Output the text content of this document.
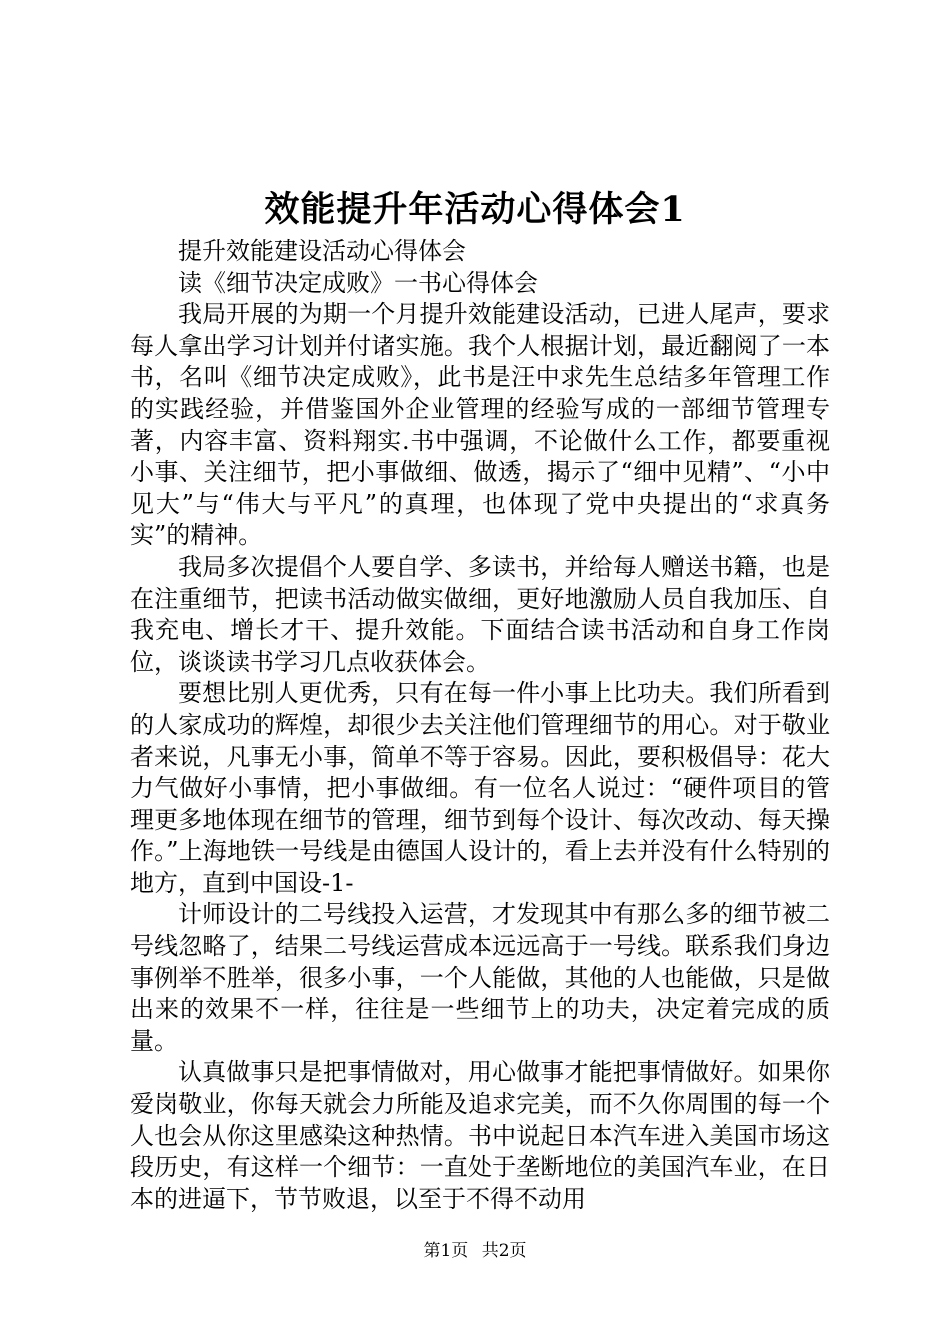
效能提升年活动心得体会1

提升效能建设活动心得体会

读《细节决定成败》一书心得体会

我局开展的为期一个月提升效能建设活动，已进人尾声，要求每人拿出学习计划并付诸实施。我个人根据计划，最近翻阅了一本书，名叫《细节决定成败》，此书是汪中求先生总结多年管理工作的实践经验，并借鉴国外企业管理的经验写成的一部细节管理专著，内容丰富、资料翔实.书中强调，不论做什么工作，都要重视小事、关注细节，把小事做细、做透，揭示了“细中见精”、“小中见大”与“伟大与平凡”的真理，也体现了党中央提出的“求真务实”的精神。

我局多次提倡个人要自学、多读书，并给每人赠送书籍，也是在注重细节，把读书活动做实做细，更好地激励人员自我加压、自我充电、增长才干、提升效能。下面结合读书活动和自身工作岗位，谈谈读书学习几点收获体会。

要想比别人更优秀，只有在每一件小事上比功夫。我们所看到的人家成功的辉煌，却很少去关注他们管理细节的用心。对于敬业者来说，凡事无小事，简单不等于容易。因此，要积极倡导：花大力气做好小事情，把小事做细。有一位名人说过：“硬件项目的管理更多地体现在细节的管理，细节到每个设计、每次改动、每天操作。”上海地铁一号线是由德国人设计的，看上去并没有什么特别的地方，直到中国设-1-

计师设计的二号线投入运营，才发现其中有那么多的细节被二号线忽略了，结果二号线运营成本远远高于一号线。联系我们身边事例举不胜举，很多小事，一个人能做，其他的人也能做，只是做出来的效果不一样，往往是一些细节上的功夫，决定着完成的质量。

认真做事只是把事情做对，用心做事才能把事情做好。如果你爱岗敬业，你每天就会力所能及追求完美，而不久你周围的每一个人也会从你这里感染这种热情。书中说起日本汽车进入美国市场这段历史，有这样一个细节：一直处于垄断地位的美国汽车业，在日本的进逼下，节节败退，以至于不得不动用

第1页 共2页
